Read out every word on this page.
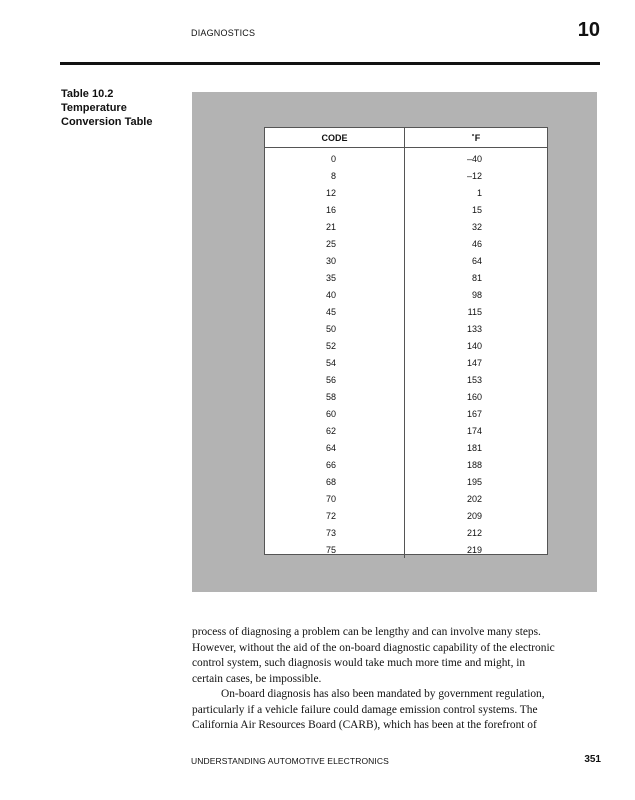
DIAGNOSTICS	10
Table 10.2
Temperature
Conversion Table
CODE	˚F
0	–40
8	–12
12	1
16	15
21	32
25	46
30	64
35	81
40	98
45	115
50	133
52	140
54	147
56	153
58	160
60	167
62	174
64	181
66	188
68	195
70	202
72	209
73	212
75	219
process of diagnosing a problem can be lengthy and can involve many steps.
However, without the aid of the on-board diagnostic capability of the electronic
control system, such diagnosis would take much more time and might, in
certain cases, be impossible.
On-board diagnosis has also been mandated by government regulation,
particularly if a vehicle failure could damage emission control systems. The
California Air Resources Board (CARB), which has been at the forefront of
UNDERSTANDING AUTOMOTIVE ELECTRONICS	351
